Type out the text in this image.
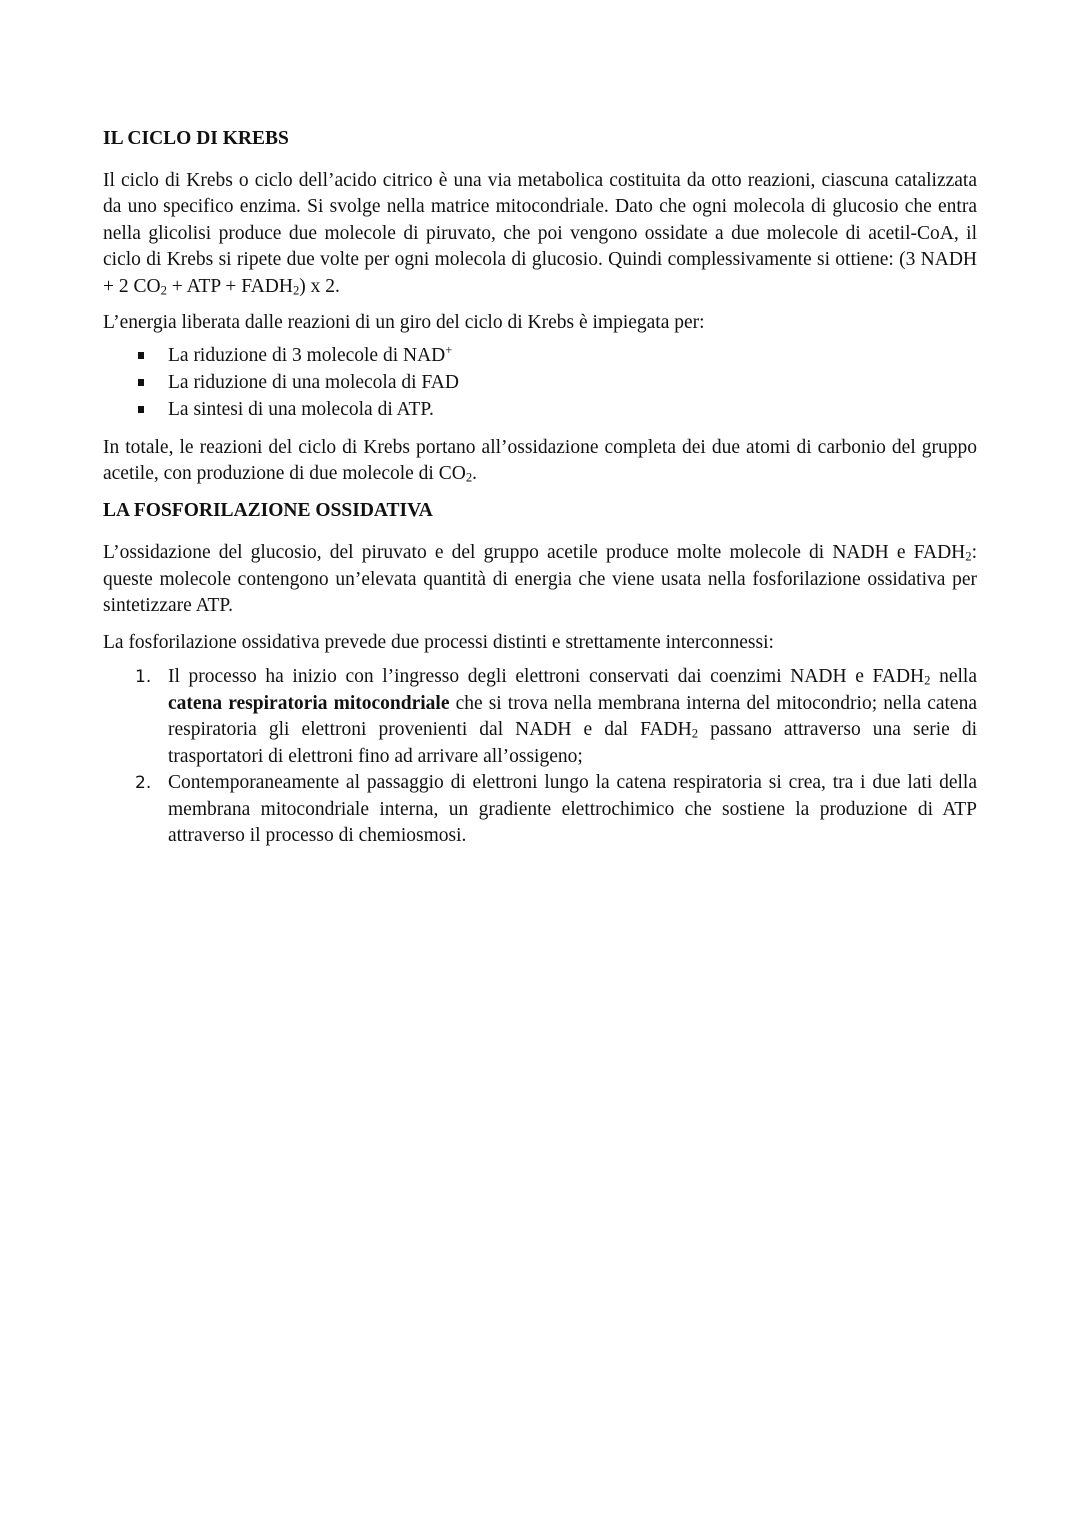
IL CICLO DI KREBS

Il ciclo di Krebs o ciclo dell’acido citrico è una via metabolica costituita da otto reazioni, ciascuna catalizzata da uno specifico enzima. Si svolge nella matrice mitocondriale. Dato che ogni molecola di glucosio che entra nella glicolisi produce due molecole di piruvato, che poi vengono ossidate a due molecole di acetil-CoA, il ciclo di Krebs si ripete due volte per ogni molecola di glucosio. Quindi complessivamente si ottiene: (3 NADH + 2 $CO_2$ + ATP + $FADH_2$) x 2.

L’energia liberata dalle reazioni di un giro del ciclo di Krebs è impiegata per:

La riduzione di 3 molecole di NAD+
La riduzione di una molecola di FAD
La sintesi di una molecola di ATP.

In totale, le reazioni del ciclo di Krebs portano all’ossidazione completa dei due atomi di carbonio del gruppo acetile, con produzione di due molecole di $CO_2$.

LA FOSFORILAZIONE OSSIDATIVA

L’ossidazione del glucosio, del piruvato e del gruppo acetile produce molte molecole di NADH e $FADH_2$: queste molecole contengono un’elevata quantità di energia che viene usata nella fosforilazione ossidativa per sintetizzare ATP.

La fosforilazione ossidativa prevede due processi distinti e strettamente interconnessi:

1. Il processo ha inizio con l’ingresso degli elettroni conservati dai coenzimi NADH e $FADH_2$ nella catena respiratoria mitocondriale che si trova nella membrana interna del mitocondrio; nella catena respiratoria gli elettroni provenienti dal NADH e dal $FADH_2$ passano attraverso una serie di trasportatori di elettroni fino ad arrivare all’ossigeno;
2. Contemporaneamente al passaggio di elettroni lungo la catena respiratoria si crea, tra i due lati della membrana mitocondriale interna, un gradiente elettrochimico che sostiene la produzione di ATP attraverso il processo di chemiosmosi.
